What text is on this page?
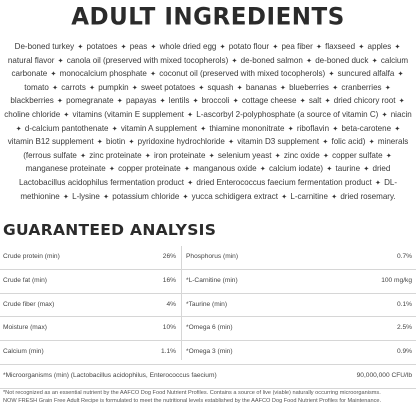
ADULT INGREDIENTS
De-boned turkey ✦ potatoes ✦ peas ✦ whole dried egg ✦ potato flour ✦ pea fiber ✦ flaxseed ✦ apples ✦ natural flavor ✦ canola oil (preserved with mixed tocopherols) ✦ de-boned salmon ✦ de-boned duck ✦ calcium carbonate ✦ monocalcium phosphate ✦ coconut oil (preserved with mixed tocopherols) ✦ suncured alfalfa ✦ tomato ✦ carrots ✦ pumpkin ✦ sweet potatoes ✦ squash ✦ bananas ✦ blueberries ✦ cranberries ✦ blackberries ✦ pomegranate ✦ papayas ✦ lentils ✦ broccoli ✦ cottage cheese ✦ salt ✦ dried chicory root ✦ choline chloride ✦ vitamins (vitamin E supplement ✦ L-ascorbyl 2-polyphosphate (a source of vitamin C) ✦ niacin ✦ d-calcium pantothenate ✦ vitamin A supplement ✦ thiamine mononitrate ✦ riboflavin ✦ beta-carotene ✦ vitamin B12 supplement ✦ biotin ✦ pyridoxine hydrochloride ✦ vitamin D3 supplement ✦ folic acid) ✦ minerals (ferrous sulfate ✦ zinc proteinate ✦ iron proteinate ✦ selenium yeast ✦ zinc oxide ✦ copper sulfate ✦ manganese proteinate ✦ copper proteinate ✦ manganous oxide ✦ calcium iodate) ✦ taurine ✦ dried Lactobacillus acidophilus fermentation product ✦ dried Enterococcus faecium fermentation product ✦ DL-methionine ✦ L-lysine ✦ potassium chloride ✦ yucca schidigera extract ✦ L-carnitine ✦ dried rosemary.
GUARANTEED ANALYSIS
Crude protein (min)	26% Phosphorus (min)	0.7%
Crude fat (min)	16% *L-Carnitine (min)	100 mg/kg
Crude fiber (max)	4% *Taurine (min)	0.1%
Moisture (max)	10% *Omega 6 (min)	2.5%
Calcium (min)	1.1% *Omega 3 (min)	0.9%
*Microorganisms (min) (Lactobacillus acidophilus, Enterococcus faecium)	90,000,000 CFU/lb
*Not recognized as an essential nutrient by the AAFCO Dog Food Nutrient Profiles. Contains a source of live (viable) naturally occurring microorganisms.
NOW FRESH Grain Free Adult Recipe is formulated to meet the nutritional levels established by the AAFCO Dog Food Nutrient Profiles for Maintenance.
